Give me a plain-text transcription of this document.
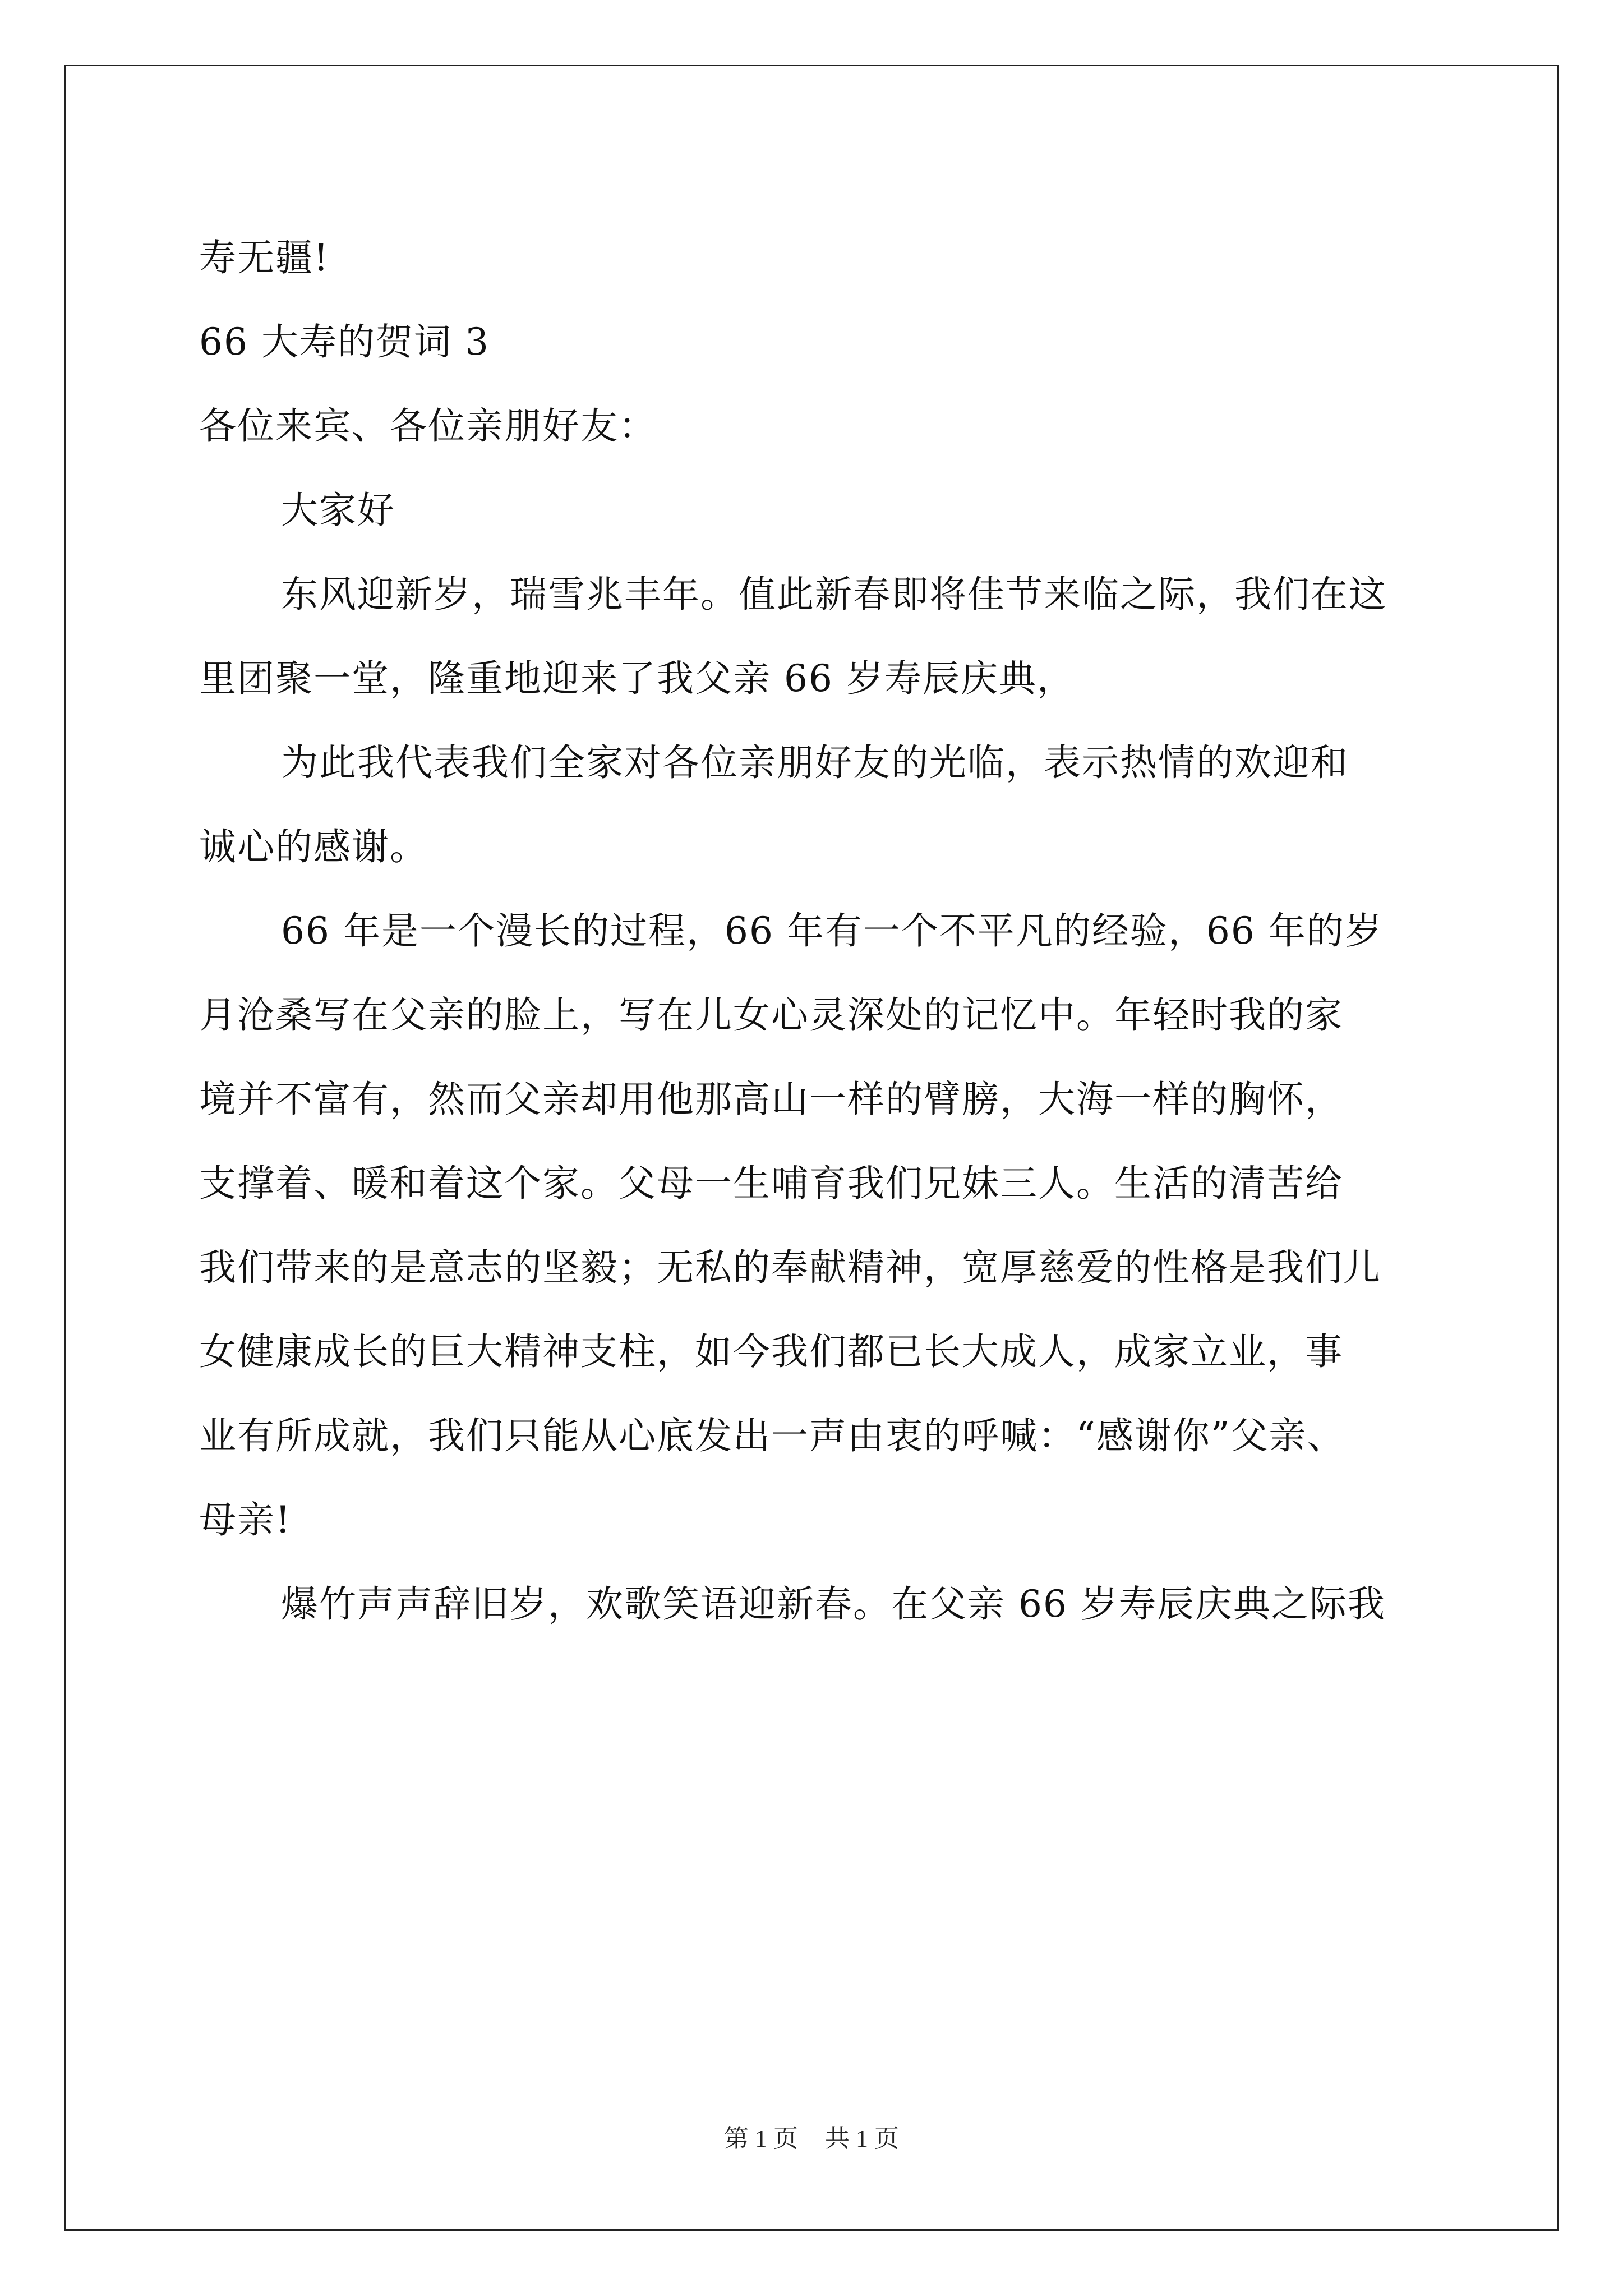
寿无疆!
66 大寿的贺词 3
各位来宾、各位亲朋好友：
大家好
东风迎新岁，瑞雪兆丰年。值此新春即将佳节来临之际，我们在这
里团聚一堂，隆重地迎来了我父亲 66 岁寿辰庆典，
为此我代表我们全家对各位亲朋好友的光临，表示热情的欢迎和
诚心的感谢。
66 年是一个漫长的过程，66 年有一个不平凡的经验，66 年的岁
月沧桑写在父亲的脸上，写在儿女心灵深处的记忆中。年轻时我的家
境并不富有，然而父亲却用他那高山一样的臂膀，大海一样的胸怀，
支撑着、暖和着这个家。父母一生哺育我们兄妹三人。生活的清苦给
我们带来的是意志的坚毅；无私的奉献精神，宽厚慈爱的性格是我们儿
女健康成长的巨大精神支柱，如今我们都已长大成人，成家立业，事
业有所成就，我们只能从心底发出一声由衷的呼喊：“感谢你”父亲、
母亲!
爆竹声声辞旧岁，欢歌笑语迎新春。在父亲 66 岁寿辰庆典之际我
第 1 页 共 1 页
